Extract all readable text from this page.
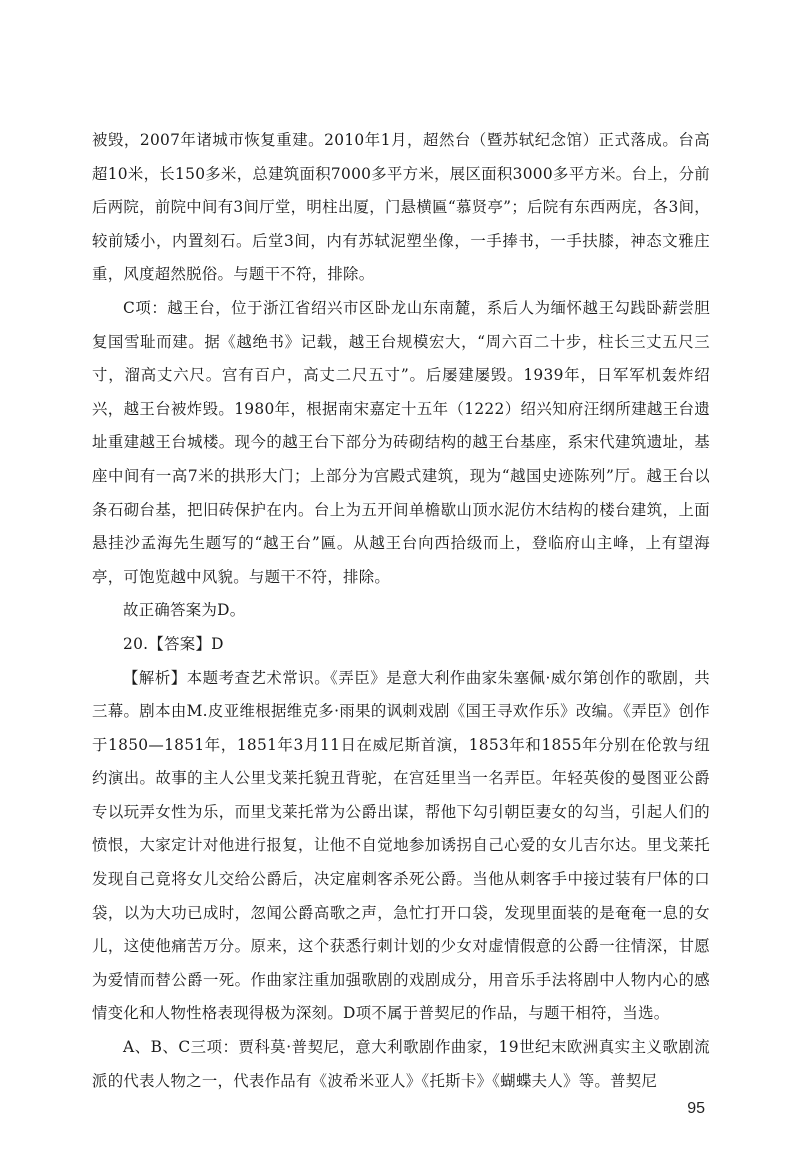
被毁，2007年诸城市恢复重建。2010年1月，超然台（暨苏轼纪念馆）正式落成。台高超10米，长150多米，总建筑面积7000多平方米，展区面积3000多平方米。台上，分前后两院，前院中间有3间厅堂，明柱出厦，门悬横匾“慕贤亭”；后院有东西两庑，各3间，较前矮小，内置刻石。后堂3间，内有苏轼泥塑坐像，一手捧书，一手扶膝，神态文雅庄重，风度超然脱俗。与题干不符，排除。

C项：越王台，位于浙江省绍兴市区卧龙山东南麓，系后人为缅怀越王勾践卧薪尝胆复国雪耻而建。据《越绝书》记载，越王台规模宏大，“周六百二十步，柱长三丈五尺三寸，溜高丈六尺。宫有百户，高丈二尺五寸”。后屡建屡毁。1939年，日军军机轰炸绍兴，越王台被炸毁。1980年，根据南宋嘉定十五年（1222）绍兴知府汪纲所建越王台遗址重建越王台城楼。现今的越王台下部分为砖砌结构的越王台基座，系宋代建筑遗址，基座中间有一高7米的拱形大门；上部分为宫殿式建筑，现为“越国史迹陈列”厅。越王台以条石砌台基，把旧砖保护在内。台上为五开间单檐歇山顶水泥仿木结构的楼台建筑，上面悬挂沙孟海先生题写的“越王台”匾。从越王台向西拾级而上，登临府山主峰，上有望海亭，可饱览越中风貌。与题干不符，排除。

故正确答案为D。

20.【答案】D

【解析】本题考查艺术常识。《弄臣》是意大利作曲家朱塞佩·威尔第创作的歌剧，共三幕。剧本由M.皮亚维根据维克多·雨果的讽刺戏剧《国王寻欢作乐》改编。《弄臣》创作于1850—1851年，1851年3月11日在威尼斯首演，1853年和1855年分别在伦敦与纽约演出。故事的主人公里戈莱托貌丑背驼，在宫廷里当一名弄臣。年轻英俊的曼图亚公爵专以玩弄女性为乐，而里戈莱托常为公爵出谋，帮他下勾引朝臣妻女的勾当，引起人们的愤恨，大家定计对他进行报复，让他不自觉地参加诱拐自己心爱的女儿吉尔达。里戈莱托发现自己竟将女儿交给公爵后，决定雇刺客杀死公爵。当他从刺客手中接过装有尸体的口袋，以为大功已成时，忽闻公爵高歌之声，急忙打开口袋，发现里面装的是奄奄一息的女儿，这使他痛苦万分。原来，这个获悉行刺计划的少女对虚情假意的公爵一往情深，甘愿为爱情而替公爵一死。作曲家注重加强歌剧的戏剧成分，用音乐手法将剧中人物内心的感情变化和人物性格表现得极为深刻。D项不属于普契尼的作品，与题干相符，当选。

A、B、C三项：贾科莫·普契尼，意大利歌剧作曲家，19世纪末欧洲真实主义歌剧流派的代表人物之一，代表作品有《波希米亚人》《托斯卡》《蝴蝶夫人》等。普契尼

95
